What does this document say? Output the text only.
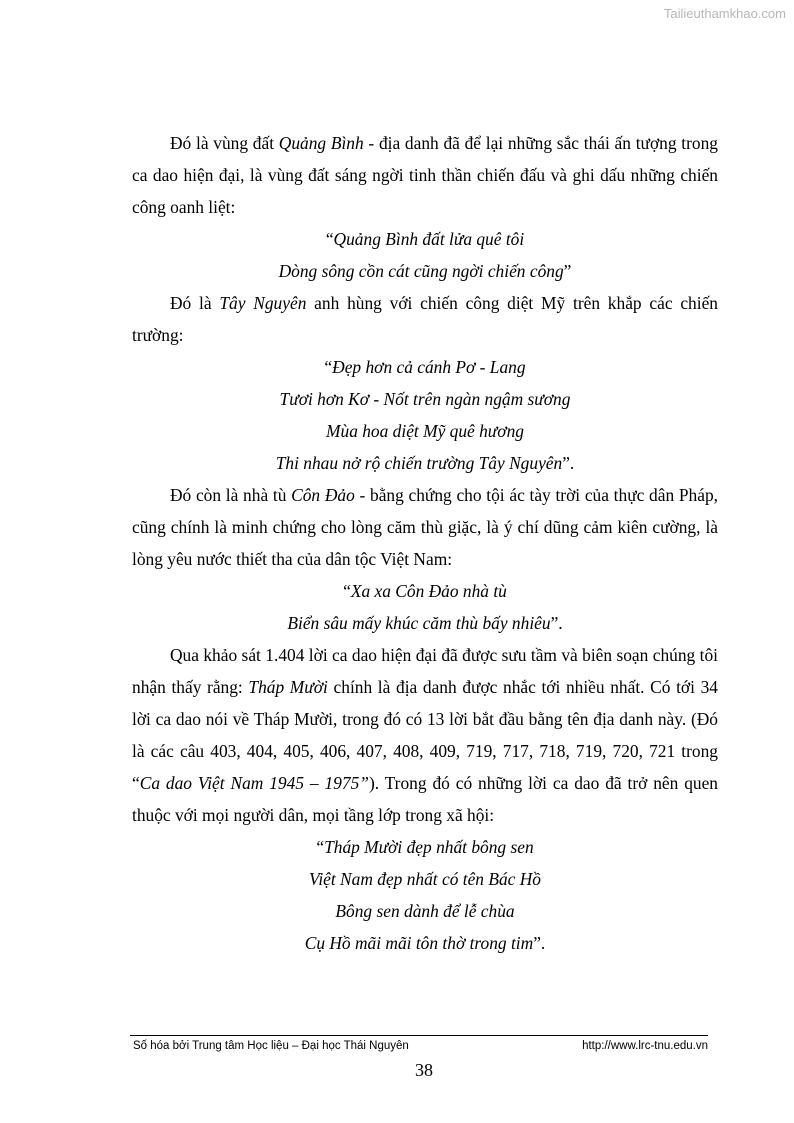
Tailieuthamkhao.com

Đó là vùng đất Quảng Bình - địa danh đã để lại những sắc thái ấn tượng trong ca dao hiện đại, là vùng đất sáng ngời tinh thần chiến đấu và ghi dấu những chiến công oanh liệt:

“Quảng Bình đất lửa quê tôi
Dòng sông cồn cát cũng ngời chiến công”

Đó là Tây Nguyên anh hùng với chiến công diệt Mỹ trên khắp các chiến trường:

“Đẹp hơn cả cánh Pơ - Lang
Tươi hơn Kơ - Nốt trên ngàn ngậm sương
Mùa hoa diệt Mỹ quê hương
Thi nhau nở rộ chiến trường Tây Nguyên”.

Đó còn là nhà tù Côn Đảo - bằng chứng cho tội ác tày trời của thực dân Pháp, cũng chính là minh chứng cho lòng căm thù giặc, là ý chí dũng cảm kiên cường, là lòng yêu nước thiết tha của dân tộc Việt Nam:

“Xa xa Côn Đảo nhà tù
Biển sâu mấy khúc căm thù bấy nhiêu”.

Qua khảo sát 1.404 lời ca dao hiện đại đã được sưu tầm và biên soạn chúng tôi nhận thấy rằng: Tháp Mười chính là địa danh được nhắc tới nhiều nhất. Có tới 34 lời ca dao nói về Tháp Mười, trong đó có 13 lời bắt đầu bằng tên địa danh này. (Đó là các câu 403, 404, 405, 406, 407, 408, 409, 719, 717, 718, 719, 720, 721 trong “Ca dao Việt Nam 1945 – 1975”). Trong đó có những lời ca dao đã trở nên quen thuộc với mọi người dân, mọi tầng lớp trong xã hội:

“Tháp Mười đẹp nhất bông sen
Việt Nam đẹp nhất có tên Bác Hồ
Bông sen dành để lễ chùa
Cụ Hồ mãi mãi tôn thờ trong tim”.
Số hóa bởi Trung tâm Học liệu – Đại học Thái Nguyên	http://www.lrc-tnu.edu.vn
38
